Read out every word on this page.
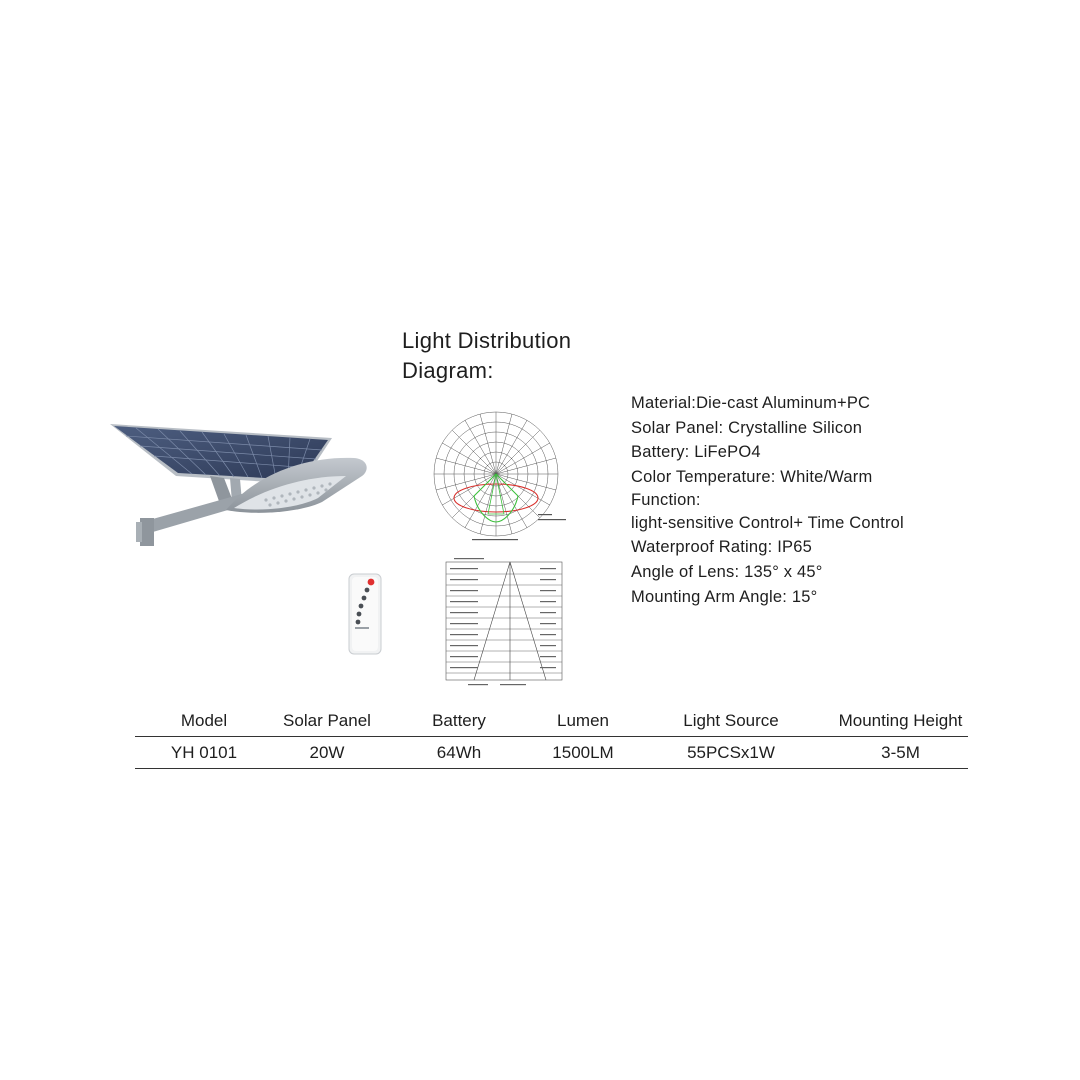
Light Distribution
Diagram:
Material:Die-cast Aluminum+PC
Solar Panel: Crystalline Silicon
Battery: LiFePO4
Color Temperature: White/Warm
Function:
light-sensitive Control+ Time Control
Waterproof Rating: IP65
Angle of Lens: 135° x 45°
Mounting Arm Angle: 15°
Model	Solar Panel	Battery	Lumen	Light Source	Mounting Height
YH 0101	20W	64Wh	1500LM	55PCSx1W	3-5M
